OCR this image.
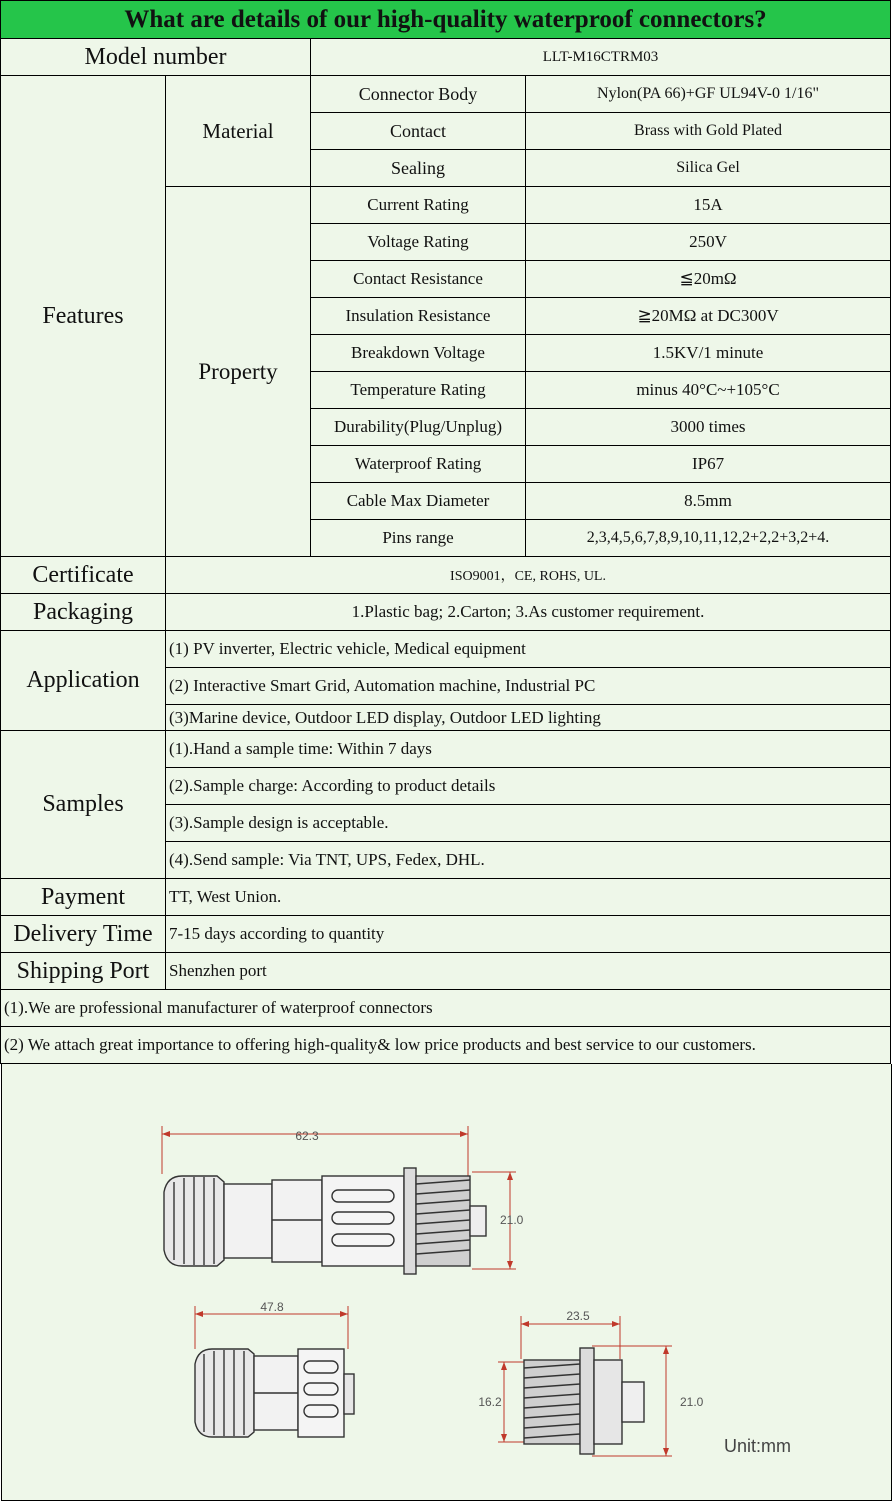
What are details of our high-quality waterproof connectors?			
Model number		LLT-M16CTRM03	
Features	Material	Connector Body	Nylon(PA 66)+GF UL94V-0 1/16"
		Contact	Brass with Gold Plated
		Sealing	Silica Gel
	Property	Current Rating	15A
		Voltage Rating	250V
		Contact Resistance	≦20mΩ
		Insulation Resistance	≧20MΩ at DC300V
		Breakdown Voltage	1.5KV/1 minute
		Temperature Rating	minus 40°C~+105°C
		Durability(Plug/Unplug)	3000 times
		Waterproof Rating	IP67
		Cable Max Diameter	8.5mm
		Pins range	2,3,4,5,6,7,8,9,10,11,12,2+2,2+3,2+4.
Certificate	ISO9001，CE, ROHS, UL.		
Packaging	1.Plastic bag; 2.Carton; 3.As customer requirement.		
Application	(1) PV inverter, Electric vehicle, Medical equipment		
	(2) Interactive Smart Grid, Automation machine, Industrial PC		
	(3)Marine device, Outdoor LED display, Outdoor LED lighting		
Samples	(1).Hand a sample time: Within 7 days		
	(2).Sample charge: According to product details		
	(3).Sample design is acceptable.		
	(4).Send sample: Via TNT, UPS, Fedex, DHL.		
Payment	TT, West Union.		
Delivery Time	7-15 days according to quantity		
Shipping Port	Shenzhen port		
(1).We are professional manufacturer of waterproof connectors			
(2) We attach great importance to offering high-quality& low price products and best service to our customers.			
62.3
21.0
47.8
23.5
16.2	21.0
Unit:mm
